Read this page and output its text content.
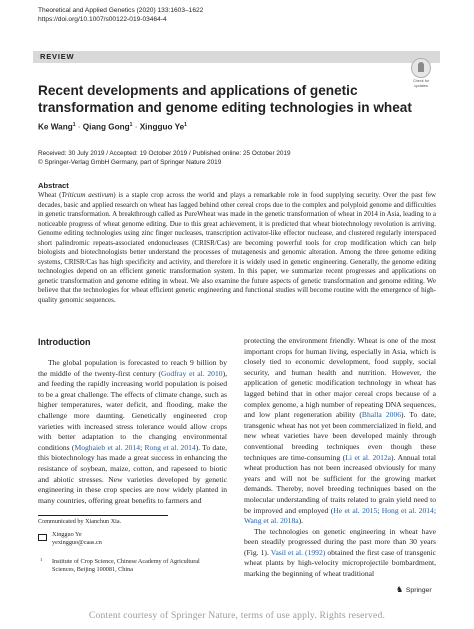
Theoretical and Applied Genetics (2020) 133:1603–1622
https://doi.org/10.1007/s00122-019-03464-4
REVIEW
Check for
updates
Recent developments and applications of genetic transformation and genome editing technologies in wheat
Ke Wang$^1$ · Qiang Gong$^1$ · Xingguo Ye$^1$
Received: 30 July 2019 / Accepted: 19 October 2019 / Published online: 25 October 2019
© Springer-Verlag GmbH Germany, part of Springer Nature 2019
Abstract
Wheat (Triticum aestivum) is a staple crop across the world and plays a remarkable role in food supplying security. Over the past few decades, basic and applied research on wheat has lagged behind other cereal crops due to the complex and polyploid genome and difficulties in genetic transformation. A breakthrough called as PureWheat was made in the genetic transformation of wheat in 2014 in Asia, leading to a noticeable progress of wheat genome editing. Due to this great achievement, it is predicted that wheat biotechnology revolution is arriving. Genome editing technologies using zinc finger nucleases, transcription activator-like effector nuclease, and clustered regularly interspaced short palindromic repeats-associated endonucleases (CRISR/Cas) are becoming powerful tools for crop modification which can help biologists and biotechnologists better understand the processes of mutagenesis and genomic alteration. Among the three genome editing systems, CRISR/Cas has high specificity and activity, and therefore it is widely used in genetic engineering. Generally, the genome editing technologies depend on an efficient genetic transformation system. In this paper, we summarize recent progresses and applications on genetic transformation and genome editing in wheat. We also examine the future aspects of genetic transformation and genome editing. We believe that the technologies for wheat efficient genetic engineering and functional studies will become routine with the emergence of high-quality genomic sequences.
Introduction
The global population is forecasted to reach 9 billion by the middle of the twenty-first century (Godfray et al. 2010), and feeding the rapidly increasing world population is poised to be a great challenge. The effects of climate change, such as higher temperatures, water deficit, and flooding, make the challenge more daunting. Genetically engineered crop varieties with increased stress tolerance would allow crops with better adaptation to the changing environmental conditions (Moghaieb et al. 2014; Rong et al. 2014). To date, this biotechnology has made a great success in enhancing the resistance of soybean, maize, cotton, and rapeseed to biotic and abiotic stresses. New varieties developed by genetic engineering in these crop species are now widely planted in many countries, offering great benefits to farmers and
protecting the environment friendly. Wheat is one of the most important crops for human living, especially in Asia, which is closely tied to economic development, food supply, social security, and human health and nutrition. However, the application of genetic modification technology in wheat has lagged behind that in other major cereal crops because of a complex genome, a high number of repeating DNA sequences, and low plant regeneration ability (Bhalla 2006). To date, transgenic wheat has not yet been commercialized in field, and new wheat varieties have been developed mainly through conventional breeding techniques even though these techniques are time-consuming (Li et al. 2012a). Annual total wheat production has not been increased obviously for many years and will not be sufficient for the growing market demands. Thereby, novel breeding techniques based on the molecular understanding of traits related to grain yield need to be improved and employed (He et al. 2015; Hong et al. 2014; Wang et al. 2018a).
The technologies on genetic engineering in wheat have been steadily progressed during the past more than 30 years (Fig. 1). Vasil et al. (1992) obtained the first case of transgenic wheat plants by high-velocity microprojectile bombardment, marking the beginning of wheat traditional
Communicated by Xianchun Xia.
Xingguo Ye
yexingguo@caas.cn
1 Institute of Crop Science, Chinese Academy of Agricultural Sciences, Beijing 100081, China
♞ Springer
Content courtesy of Springer Nature, terms of use apply. Rights reserved.
